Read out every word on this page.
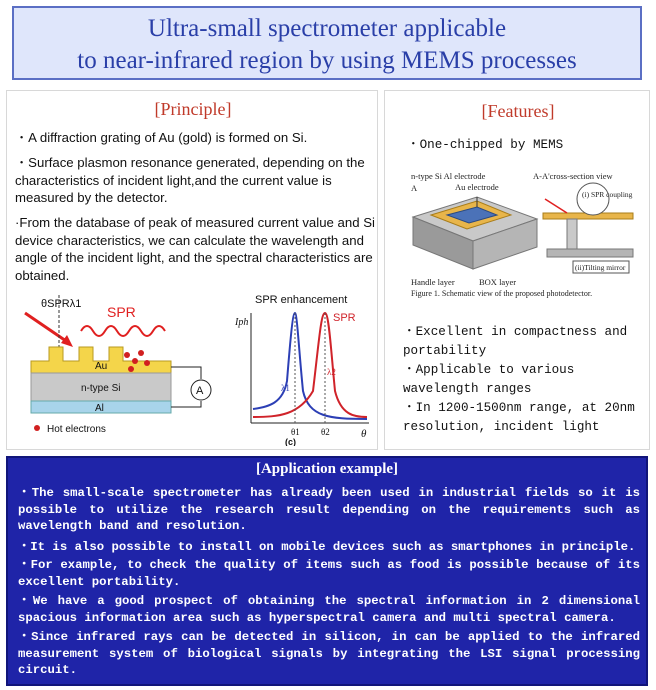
Ultra-small spectrometer applicable
to near-infrared region by using MEMS processes
[Principle]
・A diffraction grating of Au (gold) is formed on Si.
・Surface plasmon resonance generated, depending on the characteristics of incident light,and the current value is measured by the detector.
·From the database of peak of measured current value and Si device characteristics, we can calculate the wavelength and angle of the incident light, and the spectral characteristics are obtained.
θSPRλ1 SPR
Au
n-type Si
Al
A
Hot electrons
SPR enhancement
Iph
θ
SPR
λ1
λ2
θ1 θ2
(c)
[Features]
・One-chipped by MEMS
n-type Si Al electrode	A-A'cross-section view
Au electrode
A
(i) SPR coupling
(ii)Tilting mirror
Handle layer	BOX layer
Figure 1. Schematic view of the proposed photodetector.
・Excellent in compactness and portability
・Applicable to various wavelength ranges
・In 1200-1500nm range, at 20nm resolution, incident light
[Application example]
・The small-scale spectrometer has already been used in industrial fields so it is possible to utilize the research result depending on the requirements such as wavelength band and resolution.
・It is also possible to install on mobile devices such as smartphones in principle.
・For example, to check the quality of items such as food is possible because of its excellent portability.
・We have a good prospect of obtaining the spectral information in 2 dimensional spacious information area such as hyperspectral camera and multi spectral camera.
・Since infrared rays can be detected in silicon, in can be applied to the infrared measurement system of biological signals by integrating the LSI signal processing circuit.
